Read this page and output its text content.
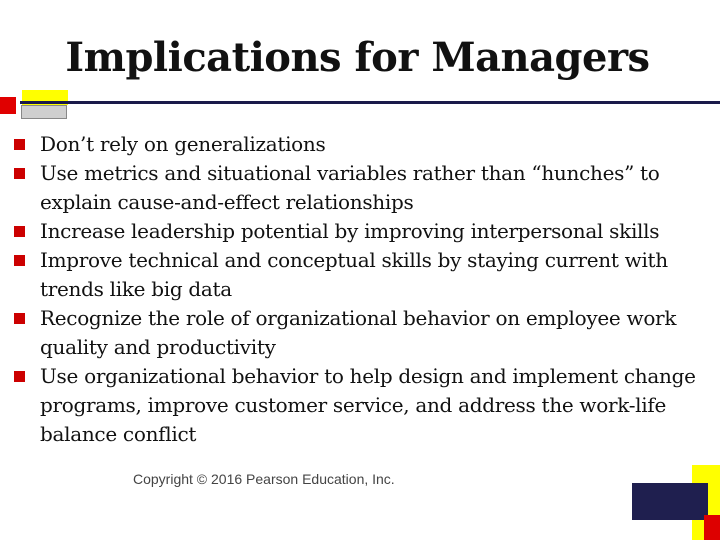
Implications for Managers
Don’t rely on generalizations
Use metrics and situational variables rather than “hunches” to explain cause-and-effect relationships
Increase leadership potential by improving interpersonal skills
Improve technical and conceptual skills by staying current with trends like big data
Recognize the role of organizational behavior on employee work quality and productivity
Use organizational behavior to help design and implement change programs, improve customer service, and address the work-life balance conflict
Copyright © 2016 Pearson Education, Inc.	1-23
